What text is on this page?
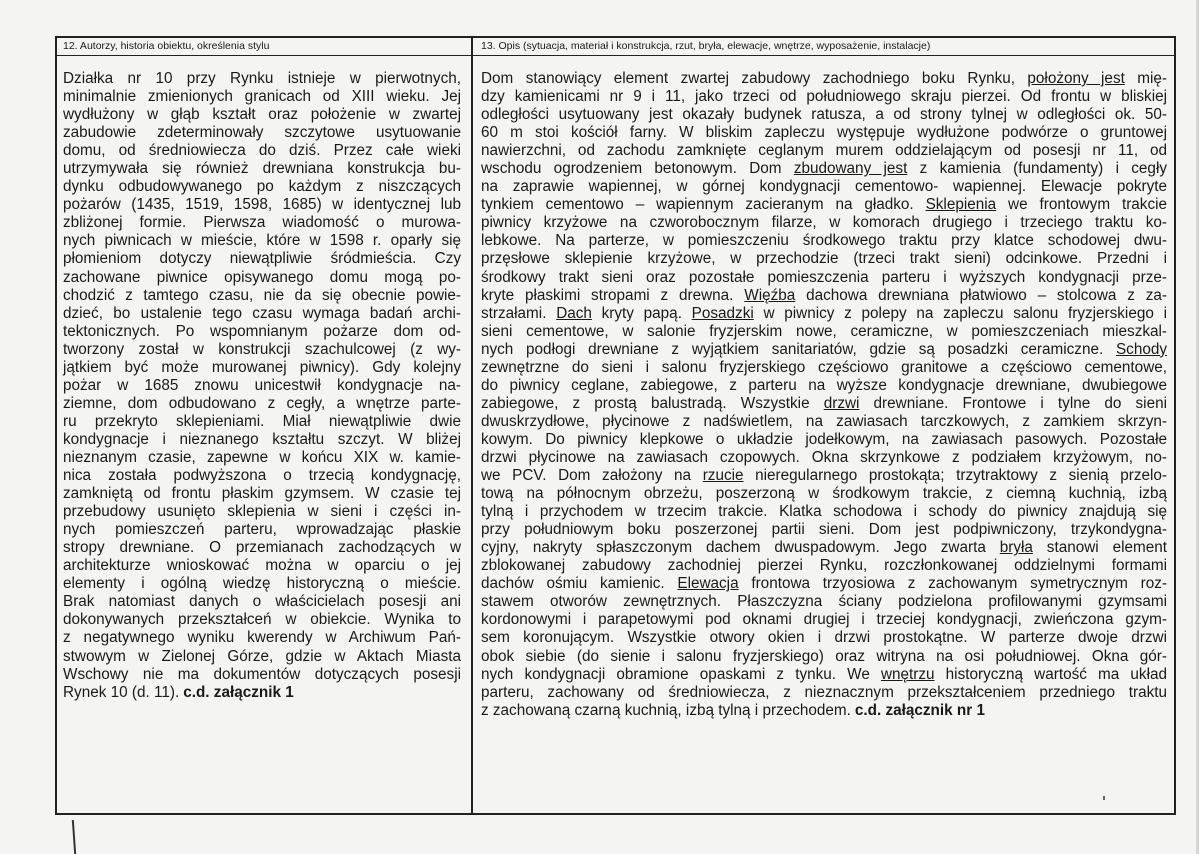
12. Autorzy, historia obiektu, określenia stylu	13. Opis (sytuacja, materiał i konstrukcja, rzut, bryła, elewacje, wnętrze, wyposażenie, instalacje)
Działka nr 10 przy Rynku istnieje w pierwotnych,
minimalnie zmienionych granicach od XIII wieku. Jej
wydłużony w głąb kształt oraz położenie w zwartej
zabudowie zdeterminowały szczytowe usytuowanie
domu, od średniowiecza do dziś. Przez całe wieki
utrzymywała się również drewniana konstrukcja bu-
dynku odbudowywanego po każdym z niszczących
pożarów (1435, 1519, 1598, 1685) w identycznej lub
zbliżonej formie. Pierwsza wiadomość o murowa-
nych piwnicach w mieście, które w 1598 r. oparły się
płomieniom dotyczy niewątpliwie śródmieścia. Czy
zachowane piwnice opisywanego domu mogą po-
chodzić z tamtego czasu, nie da się obecnie powie-
dzieć, bo ustalenie tego czasu wymaga badań archi-
tektonicznych. Po wspomnianym pożarze dom od-
tworzony został w konstrukcji szachulcowej (z wy-
jątkiem być może murowanej piwnicy). Gdy kolejny
pożar w 1685 znowu unicestwił kondygnacje na-
ziemne, dom odbudowano z cegły, a wnętrze parte-
ru przekryto sklepieniami. Miał niewątpliwie dwie
kondygnacje i nieznanego kształtu szczyt. W bliżej
nieznanym czasie, zapewne w końcu XIX w. kamie-
nica została podwyższona o trzecią kondygnację,
zamkniętą od frontu płaskim gzymsem. W czasie tej
przebudowy usunięto sklepienia w sieni i części in-
nych pomieszczeń parteru, wprowadzając płaskie
stropy drewniane. O przemianach zachodzących w
architekturze wnioskować można w oparciu o jej
elementy i ogólną wiedzę historyczną o mieście.
Brak natomiast danych o właścicielach posesji ani
dokonywanych przekształceń w obiekcie. Wynika to
z negatywnego wyniku kwerendy w Archiwum Pań-
stwowym w Zielonej Górze, gdzie w Aktach Miasta
Wschowy nie ma dokumentów dotyczących posesji
Rynek 10 (d. 11). c.d. załącznik 1
Dom stanowiący element zwartej zabudowy zachodniego boku Rynku, położony jest mię-
dzy kamienicami nr 9 i 11, jako trzeci od południowego skraju pierzei. Od frontu w bliskiej
odległości usytuowany jest okazały budynek ratusza, a od strony tylnej w odległości ok. 50-
60 m stoi kościół farny. W bliskim zapleczu występuje wydłużone podwórze o gruntowej
nawierzchni, od zachodu zamknięte ceglanym murem oddzielającym od posesji nr 11, od
wschodu ogrodzeniem betonowym. Dom zbudowany jest z kamienia (fundamenty) i cegły
na zaprawie wapiennej, w górnej kondygnacji cementowo- wapiennej. Elewacje pokryte
tynkiem cementowo – wapiennym zacieranym na gładko. Sklepienia we frontowym trakcie
piwnicy krzyżowe na czworobocznym filarze, w komorach drugiego i trzeciego traktu ko-
lebkowe. Na parterze, w pomieszczeniu środkowego traktu przy klatce schodowej dwu-
przęsłowe sklepienie krzyżowe, w przechodzie (trzeci trakt sieni) odcinkowe. Przedni i
środkowy trakt sieni oraz pozostałe pomieszczenia parteru i wyższych kondygnacji prze-
kryte płaskimi stropami z drewna. Więźba dachowa drewniana płatwiowo – stolcowa z za-
strzałami. Dach kryty papą. Posadzki w piwnicy z polepy na zapleczu salonu fryzjerskiego i
sieni cementowe, w salonie fryzjerskim nowe, ceramiczne, w pomieszczeniach mieszkal-
nych podłogi drewniane z wyjątkiem sanitariatów, gdzie są posadzki ceramiczne. Schody
zewnętrzne do sieni i salonu fryzjerskiego częściowo granitowe a częściowo cementowe,
do piwnicy ceglane, zabiegowe, z parteru na wyższe kondygnacje drewniane, dwubiegowe
zabiegowe, z prostą balustradą. Wszystkie drzwi drewniane. Frontowe i tylne do sieni
dwuskrzydłowe, płycinowe z nadświetlem, na zawiasach tarczkowych, z zamkiem skrzyn-
kowym. Do piwnicy klepkowe o układzie jodełkowym, na zawiasach pasowych. Pozostałe
drzwi płycinowe na zawiasach czopowych. Okna skrzynkowe z podziałem krzyżowym, no-
we PCV. Dom założony na rzucie nieregularnego prostokąta; trzytraktowy z sienią przelo-
tową na północnym obrzeżu, poszerzoną w środkowym trakcie, z ciemną kuchnią, izbą
tylną i przychodem w trzecim trakcie. Klatka schodowa i schody do piwnicy znajdują się
przy południowym boku poszerzonej partii sieni. Dom jest podpiwniczony, trzykondygna-
cyjny, nakryty spłaszczonym dachem dwuspadowym. Jego zwarta bryła stanowi element
zblokowanej zabudowy zachodniej pierzei Rynku, rozczłonkowanej oddzielnymi formami
dachów ośmiu kamienic. Elewacja frontowa trzyosiowa z zachowanym symetrycznym roz-
stawem otworów zewnętrznych. Płaszczyzna ściany podzielona profilowanymi gzymsami
kordonowymi i parapetowymi pod oknami drugiej i trzeciej kondygnacji, zwieńczona gzym-
sem koronującym. Wszystkie otwory okien i drzwi prostokątne. W parterze dwoje drzwi
obok siebie (do sienie i salonu fryzjerskiego) oraz witryna na osi południowej. Okna gór-
nych kondygnacji obramione opaskami z tynku. We wnętrzu historyczną wartość ma układ
parteru, zachowany od średniowiecza, z nieznacznym przekształceniem przedniego traktu
z zachowaną czarną kuchnią, izbą tylną i przechodem. c.d. załącznik nr 1
